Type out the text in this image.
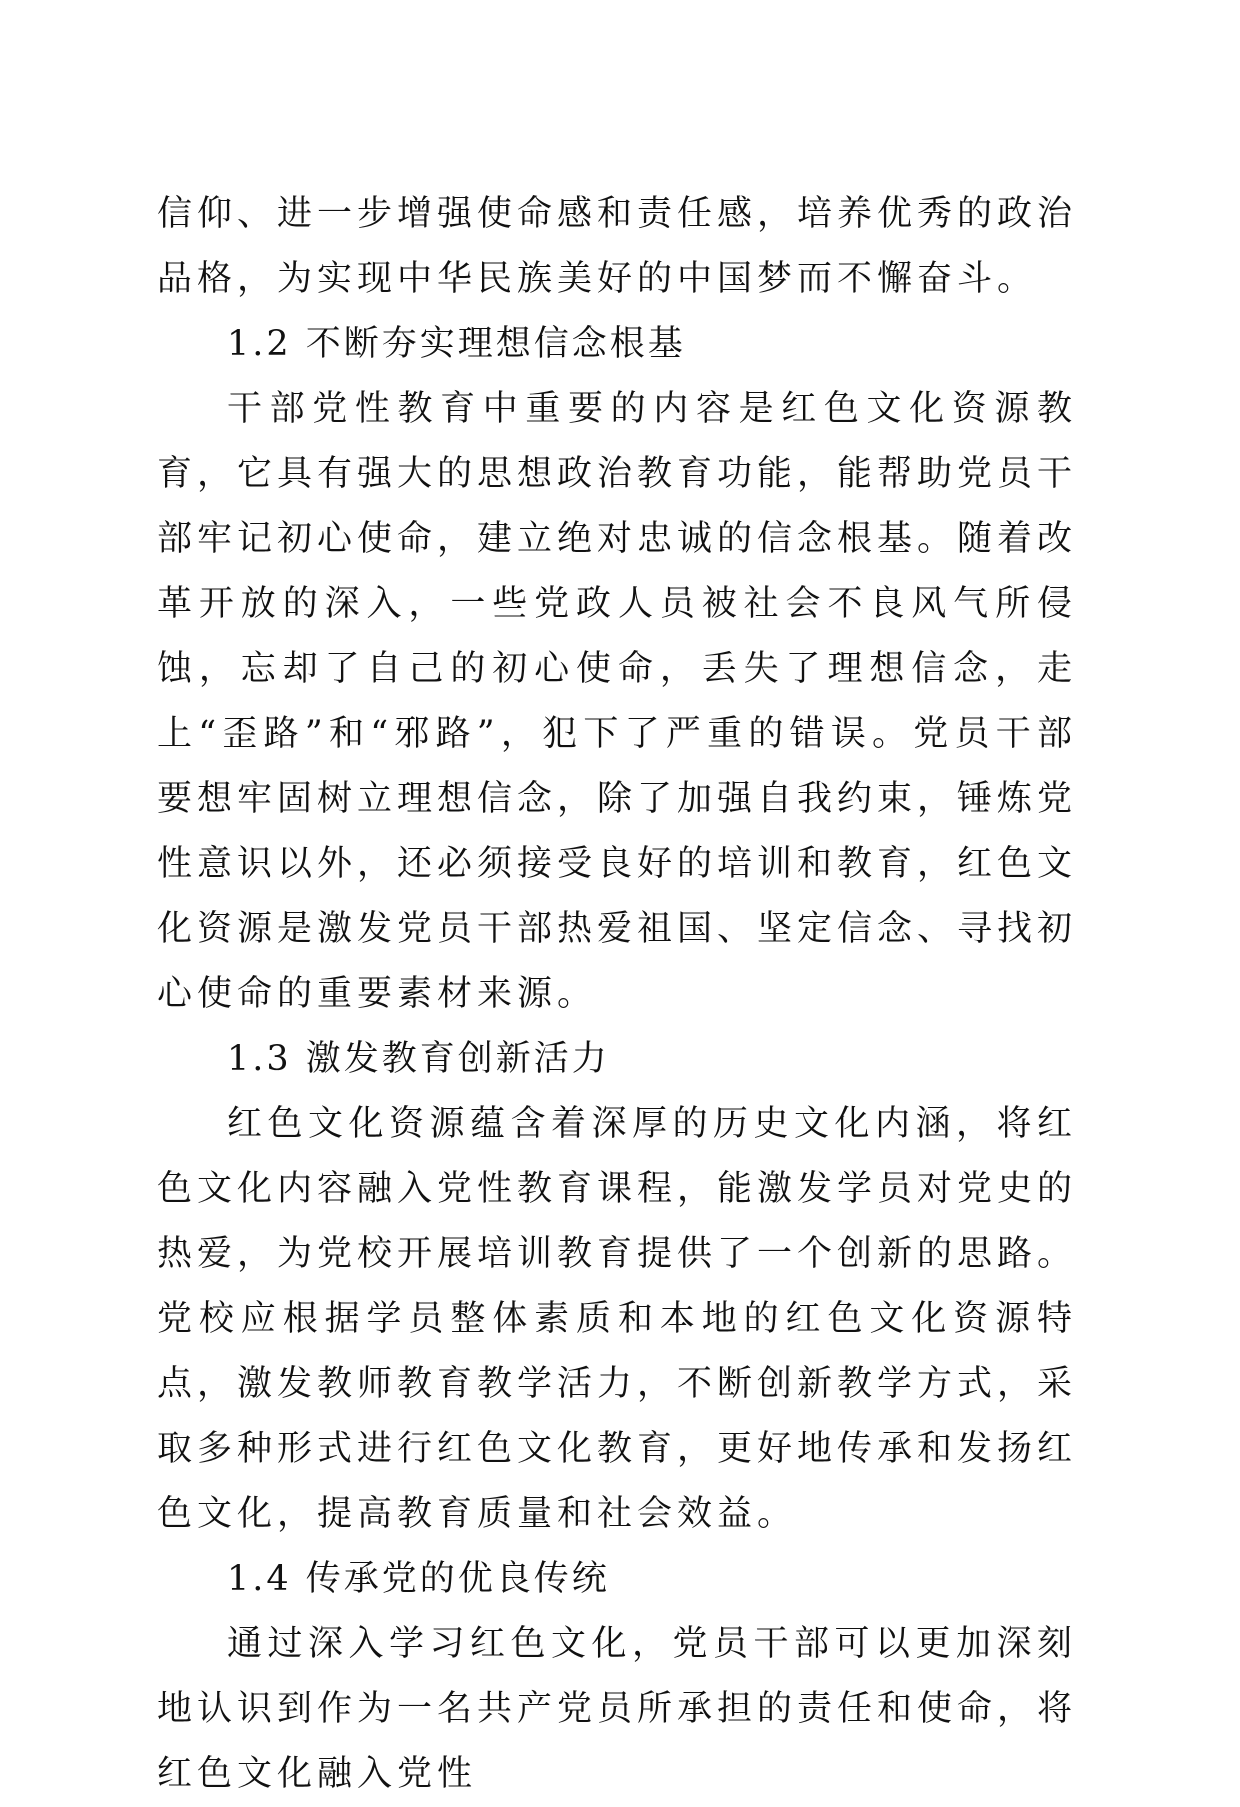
信仰、进一步增强使命感和责任感，培养优秀的政治品格，为实现中华民族美好的中国梦而不懈奋斗。

1.2 不断夯实理想信念根基

干部党性教育中重要的内容是红色文化资源教育，它具有强大的思想政治教育功能，能帮助党员干部牢记初心使命，建立绝对忠诚的信念根基。随着改革开放的深入，一些党政人员被社会不良风气所侵蚀，忘却了自己的初心使命，丢失了理想信念，走上“歪路”和“邪路”，犯下了严重的错误。党员干部要想牢固树立理想信念，除了加强自我约束，锤炼党性意识以外，还必须接受良好的培训和教育，红色文化资源是激发党员干部热爱祖国、坚定信念、寻找初心使命的重要素材来源。

1.3 激发教育创新活力

红色文化资源蕴含着深厚的历史文化内涵，将红色文化内容融入党性教育课程，能激发学员对党史的热爱，为党校开展培训教育提供了一个创新的思路。党校应根据学员整体素质和本地的红色文化资源特点，激发教师教育教学活力，不断创新教学方式，采取多种形式进行红色文化教育，更好地传承和发扬红色文化，提高教育质量和社会效益。

1.4 传承党的优良传统

通过深入学习红色文化，党员干部可以更加深刻地认识到作为一名共产党员所承担的责任和使命，将红色文化融入党性
